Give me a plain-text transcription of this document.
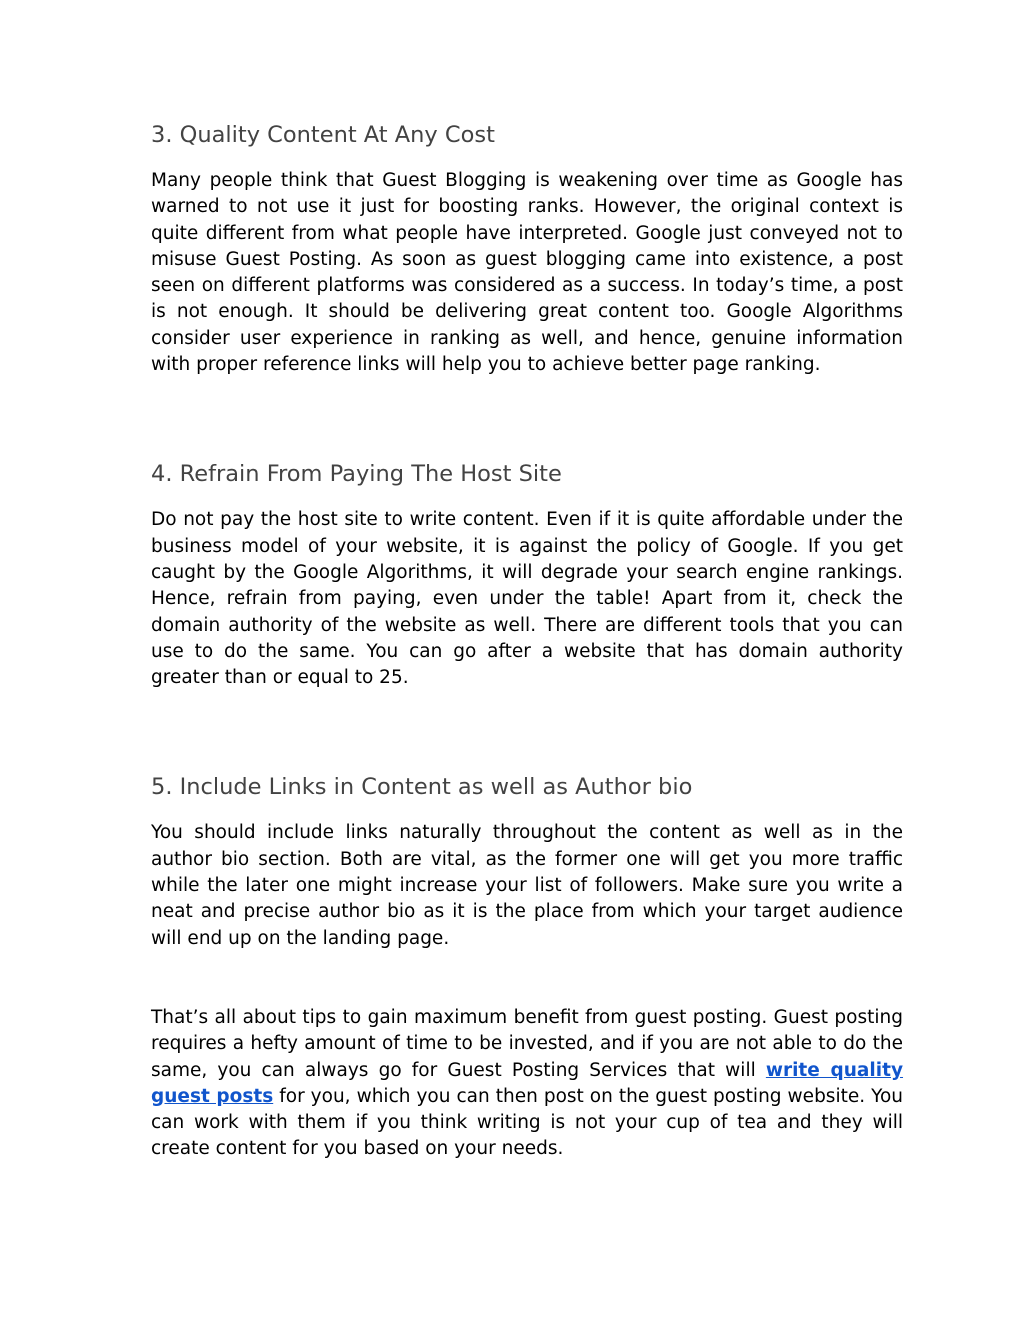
3. Quality Content At Any Cost

Many people think that Guest Blogging is weakening over time as Google has warned to not use it just for boosting ranks. However, the original context is quite different from what people have interpreted. Google just conveyed not to misuse Guest Posting. As soon as guest blogging came into existence, a post seen on different platforms was considered as a success. In today’s time, a post is not enough. It should be delivering great content too. Google Algorithms consider user experience in ranking as well, and hence, genuine information with proper reference links will help you to achieve better page ranking.

4. Refrain From Paying The Host Site

Do not pay the host site to write content. Even if it is quite affordable under the business model of your website, it is against the policy of Google. If you get caught by the Google Algorithms, it will degrade your search engine rankings. Hence, refrain from paying, even under the table! Apart from it, check the domain authority of the website as well. There are different tools that you can use to do the same. You can go after a website that has domain authority greater than or equal to 25.

5. Include Links in Content as well as Author bio

You should include links naturally throughout the content as well as in the author bio section. Both are vital, as the former one will get you more traffic while the later one might increase your list of followers. Make sure you write a neat and precise author bio as it is the place from which your target audience will end up on the landing page.

That’s all about tips to gain maximum benefit from guest posting. Guest posting requires a hefty amount of time to be invested, and if you are not able to do the same, you can always go for Guest Posting Services that will write quality guest posts for you, which you can then post on the guest posting website. You can work with them if you think writing is not your cup of tea and they will create content for you based on your needs.
